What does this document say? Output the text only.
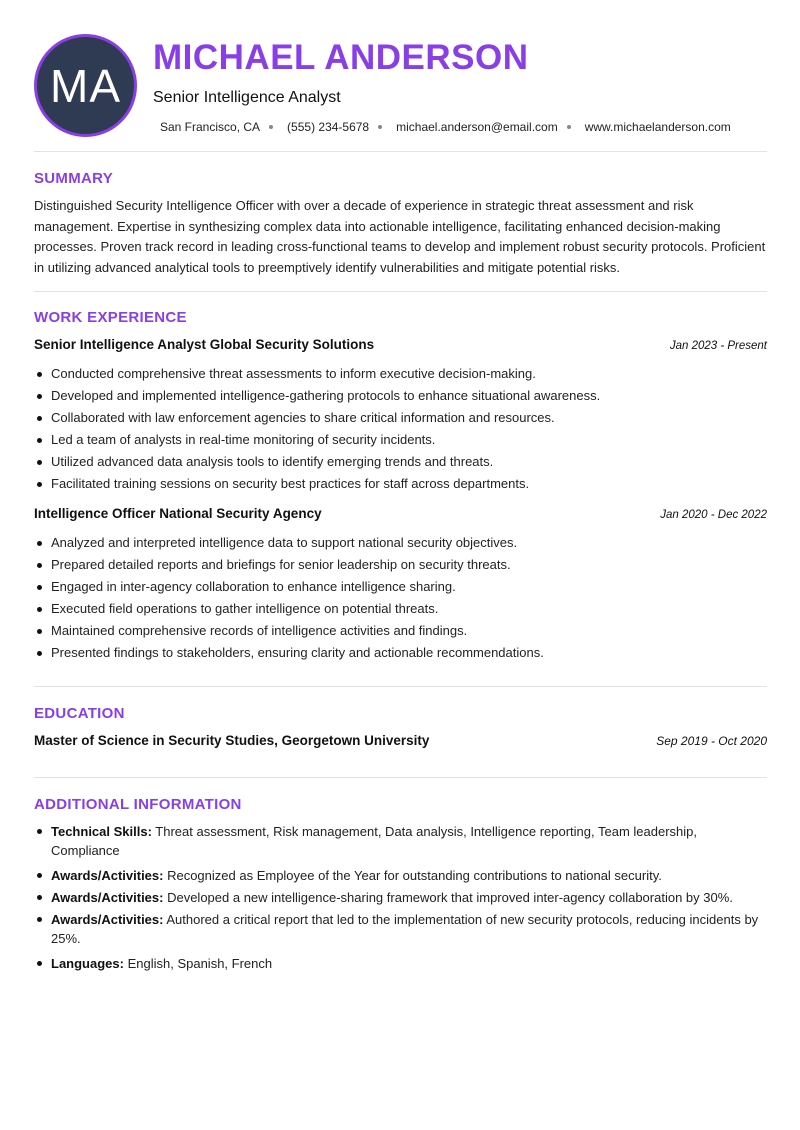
MA
MICHAEL ANDERSON
Senior Intelligence Analyst
San Francisco, CA (555) 234-5678 michael.anderson@email.com www.michaelanderson.com
SUMMARY

Distinguished Security Intelligence Officer with over a decade of experience in strategic threat assessment and risk management. Expertise in synthesizing complex data into actionable intelligence, facilitating enhanced decision-making processes. Proven track record in leading cross-functional teams to develop and implement robust security protocols. Proficient in utilizing advanced analytical tools to preemptively identify vulnerabilities and mitigate potential risks.

WORK EXPERIENCE
Senior Intelligence Analyst Global Security Solutions	Jan 2023 - Present
Conducted comprehensive threat assessments to inform executive decision-making.
Developed and implemented intelligence-gathering protocols to enhance situational awareness.
Collaborated with law enforcement agencies to share critical information and resources.
Led a team of analysts in real-time monitoring of security incidents.
Utilized advanced data analysis tools to identify emerging trends and threats.
Facilitated training sessions on security best practices for staff across departments.
Intelligence Officer National Security Agency	Jan 2020 - Dec 2022
Analyzed and interpreted intelligence data to support national security objectives.
Prepared detailed reports and briefings for senior leadership on security threats.
Engaged in inter-agency collaboration to enhance intelligence sharing.
Executed field operations to gather intelligence on potential threats.
Maintained comprehensive records of intelligence activities and findings.
Presented findings to stakeholders, ensuring clarity and actionable recommendations.
EDUCATION
Master of Science in Security Studies, Georgetown University	Sep 2019 - Oct 2020
ADDITIONAL INFORMATION
Technical Skills: Threat assessment, Risk management, Data analysis, Intelligence reporting, Team leadership, Compliance
Awards/Activities: Recognized as Employee of the Year for outstanding contributions to national security.
Awards/Activities: Developed a new intelligence-sharing framework that improved inter-agency collaboration by 30%.
Awards/Activities: Authored a critical report that led to the implementation of new security protocols, reducing incidents by 25%.
Languages: English, Spanish, French
